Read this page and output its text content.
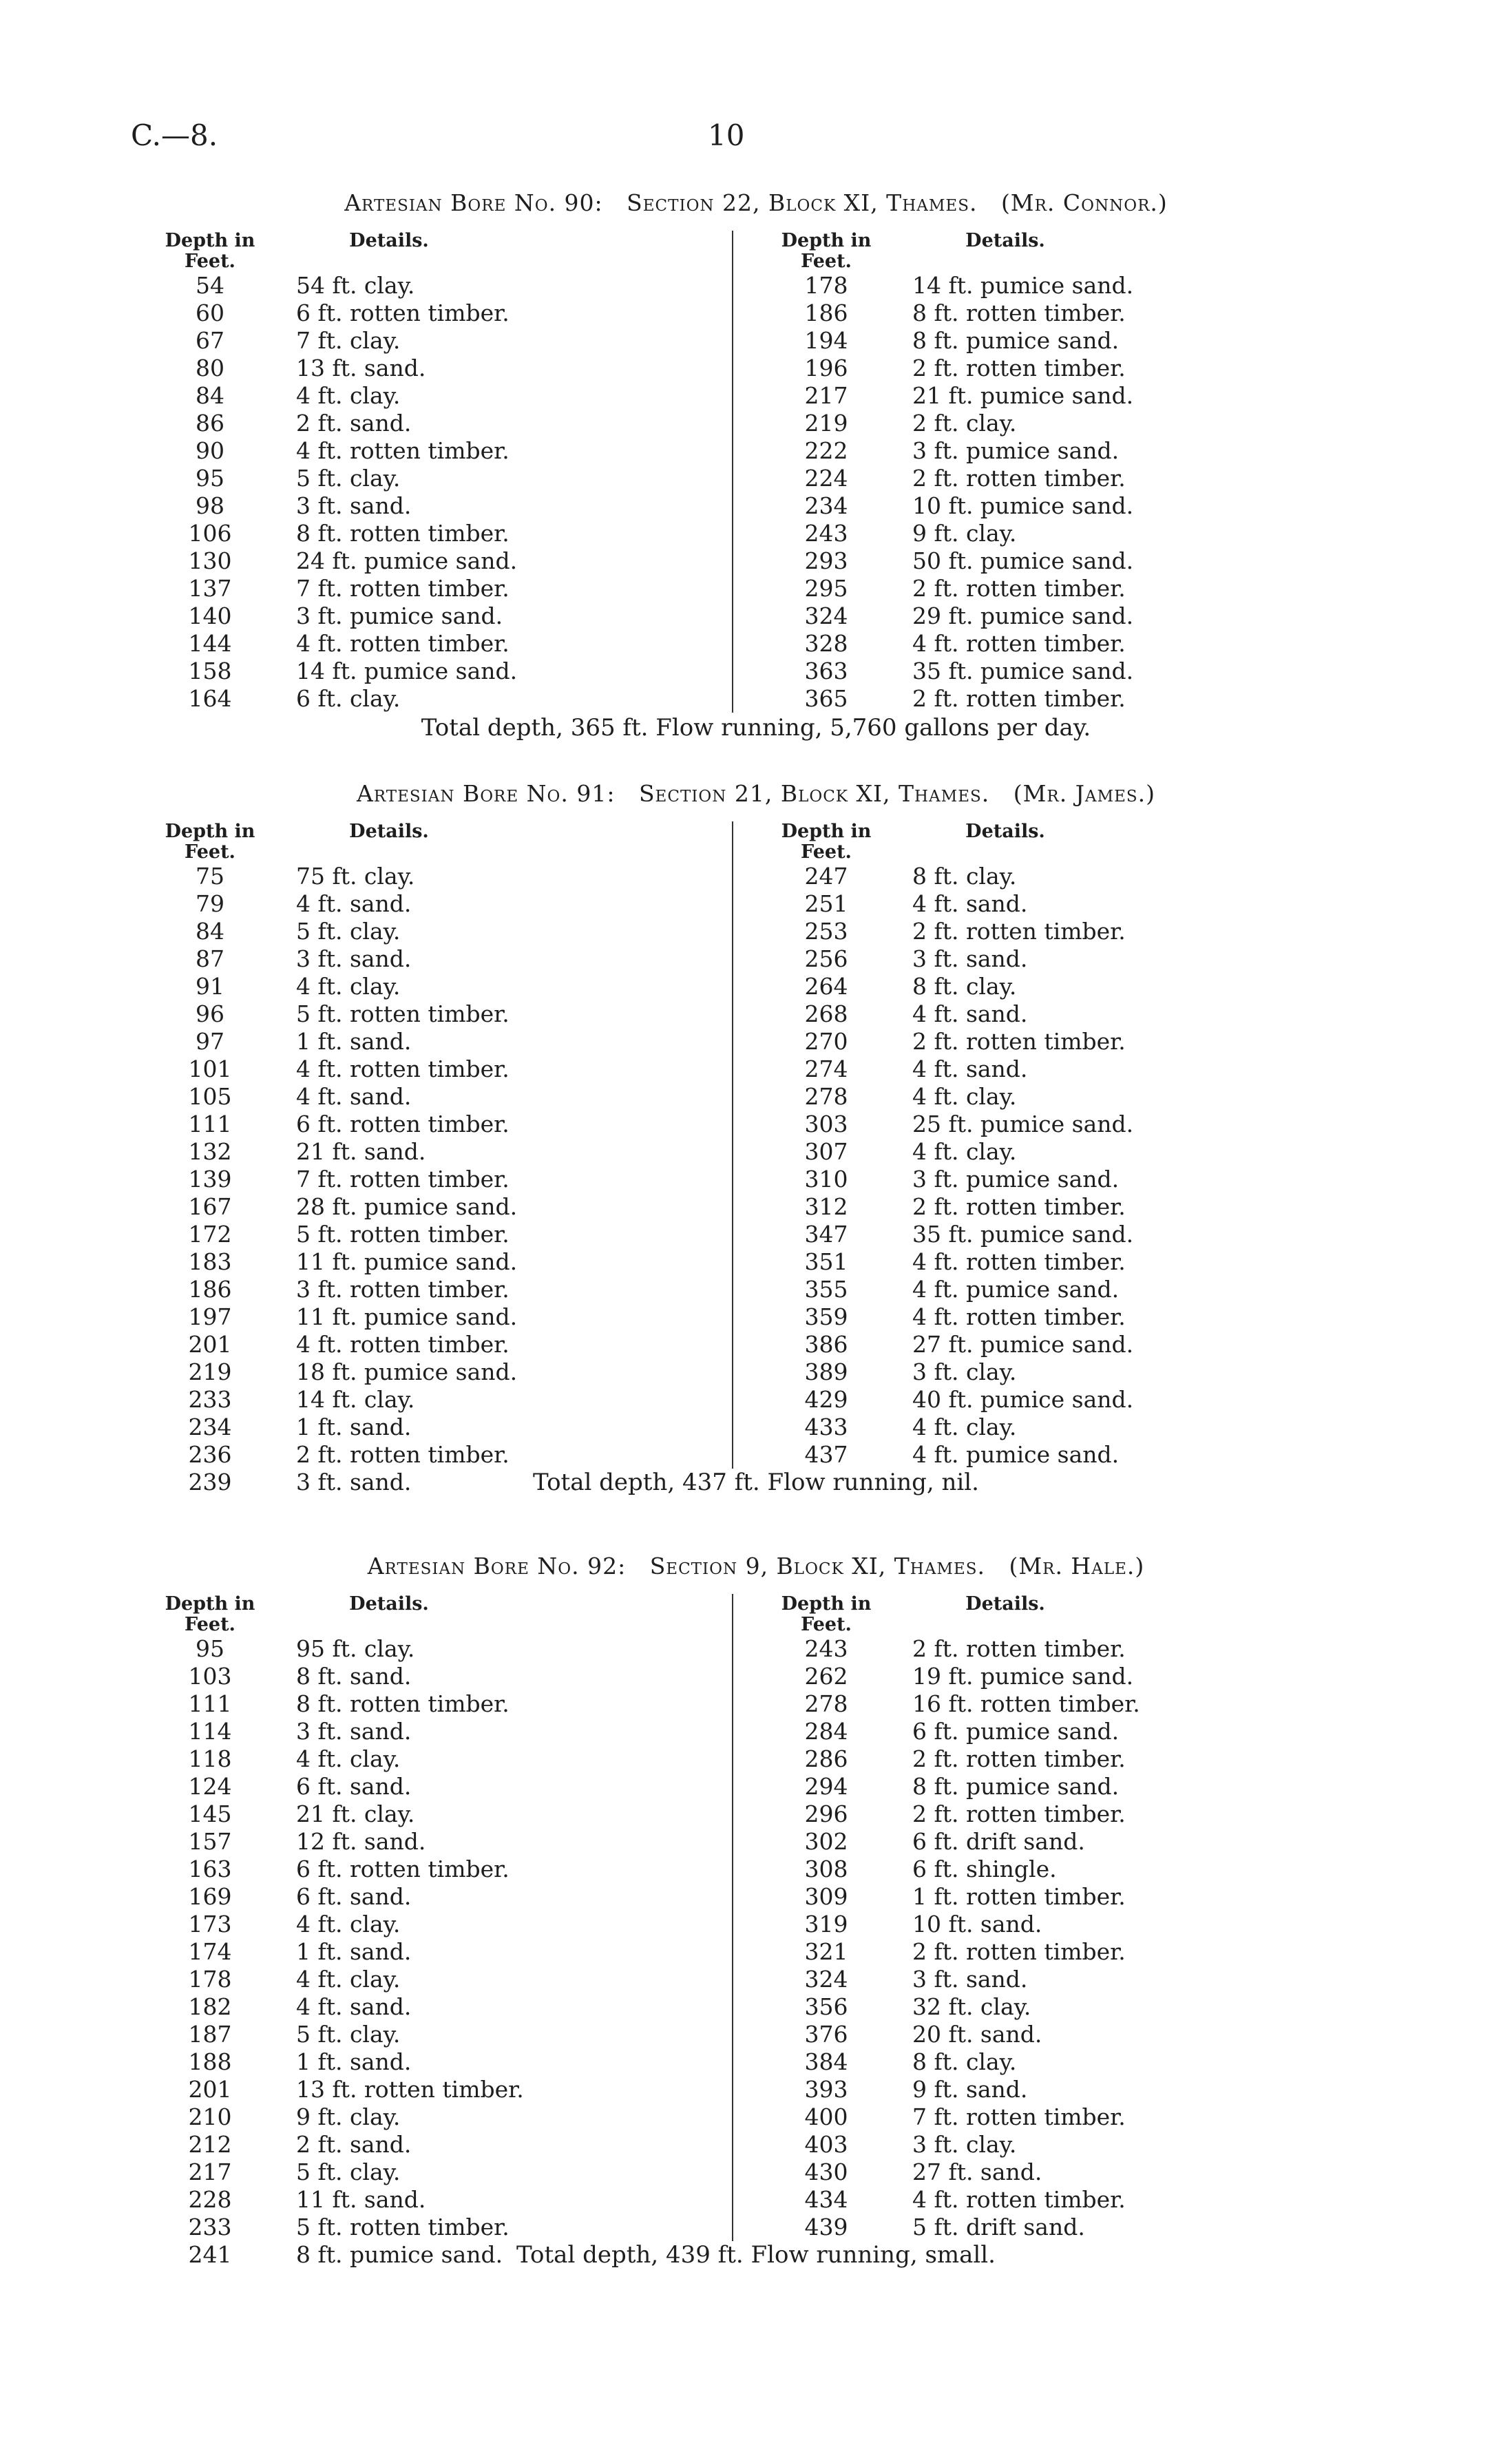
C.—8.	10
Artesian Bore No. 90: Section 22, Block XI, Thames. (Mr. Connor.)
Depth in Feet.
Details.	Depth in Feet.
Details.
54	54 ft. clay.
60	6 ft. rotten timber.
67	7 ft. clay.
80	13 ft. sand.
84	4 ft. clay.
86	2 ft. sand.
90	4 ft. rotten timber.
95	5 ft. clay.
98	3 ft. sand.
106	8 ft. rotten timber.
130	24 ft. pumice sand.
137	7 ft. rotten timber.
140	3 ft. pumice sand.
144	4 ft. rotten timber.
158	14 ft. pumice sand.
164	6 ft. clay.
178	14 ft. pumice sand.
186	8 ft. rotten timber.
194	8 ft. pumice sand.
196	2 ft. rotten timber.
217	21 ft. pumice sand.
219	2 ft. clay.
222	3 ft. pumice sand.
224	2 ft. rotten timber.
234	10 ft. pumice sand.
243	9 ft. clay.
293	50 ft. pumice sand.
295	2 ft. rotten timber.
324	29 ft. pumice sand.
328	4 ft. rotten timber.
363	35 ft. pumice sand.
365	2 ft. rotten timber.
Total depth, 365 ft. Flow running, 5,760 gallons per day.
Artesian Bore No. 91: Section 21, Block XI, Thames. (Mr. James.)
Depth in Feet.
Details.	Depth in Feet.
Details.
75	75 ft. clay.
79	4 ft. sand.
84	5 ft. clay.
87	3 ft. sand.
91	4 ft. clay.
96	5 ft. rotten timber.
97	1 ft. sand.
101	4 ft. rotten timber.
105	4 ft. sand.
111	6 ft. rotten timber.
132	21 ft. sand.
139	7 ft. rotten timber.
167	28 ft. pumice sand.
172	5 ft. rotten timber.
183	11 ft. pumice sand.
186	3 ft. rotten timber.
197	11 ft. pumice sand.
201	4 ft. rotten timber.
219	18 ft. pumice sand.
233	14 ft. clay.
234	1 ft. sand.
236	2 ft. rotten timber.
239	3 ft. sand.
247	8 ft. clay.
251	4 ft. sand.
253	2 ft. rotten timber.
256	3 ft. sand.
264	8 ft. clay.
268	4 ft. sand.
270	2 ft. rotten timber.
274	4 ft. sand.
278	4 ft. clay.
303	25 ft. pumice sand.
307	4 ft. clay.
310	3 ft. pumice sand.
312	2 ft. rotten timber.
347	35 ft. pumice sand.
351	4 ft. rotten timber.
355	4 ft. pumice sand.
359	4 ft. rotten timber.
386	27 ft. pumice sand.
389	3 ft. clay.
429	40 ft. pumice sand.
433	4 ft. clay.
437	4 ft. pumice sand.
Total depth, 437 ft. Flow running, nil.
Artesian Bore No. 92: Section 9, Block XI, Thames. (Mr. Hale.)
Depth in Feet.
Details.	Depth in Feet.
Details.
95	95 ft. clay.
103	8 ft. sand.
111	8 ft. rotten timber.
114	3 ft. sand.
118	4 ft. clay.
124	6 ft. sand.
145	21 ft. clay.
157	12 ft. sand.
163	6 ft. rotten timber.
169	6 ft. sand.
173	4 ft. clay.
174	1 ft. sand.
178	4 ft. clay.
182	4 ft. sand.
187	5 ft. clay.
188	1 ft. sand.
201	13 ft. rotten timber.
210	9 ft. clay.
212	2 ft. sand.
217	5 ft. clay.
228	11 ft. sand.
233	5 ft. rotten timber.
241	8 ft. pumice sand.
243	2 ft. rotten timber.
262	19 ft. pumice sand.
278	16 ft. rotten timber.
284	6 ft. pumice sand.
286	2 ft. rotten timber.
294	8 ft. pumice sand.
296	2 ft. rotten timber.
302	6 ft. drift sand.
308	6 ft. shingle.
309	1 ft. rotten timber.
319	10 ft. sand.
321	2 ft. rotten timber.
324	3 ft. sand.
356	32 ft. clay.
376	20 ft. sand.
384	8 ft. clay.
393	9 ft. sand.
400	7 ft. rotten timber.
403	3 ft. clay.
430	27 ft. sand.
434	4 ft. rotten timber.
439	5 ft. drift sand.
Total depth, 439 ft. Flow running, small.
